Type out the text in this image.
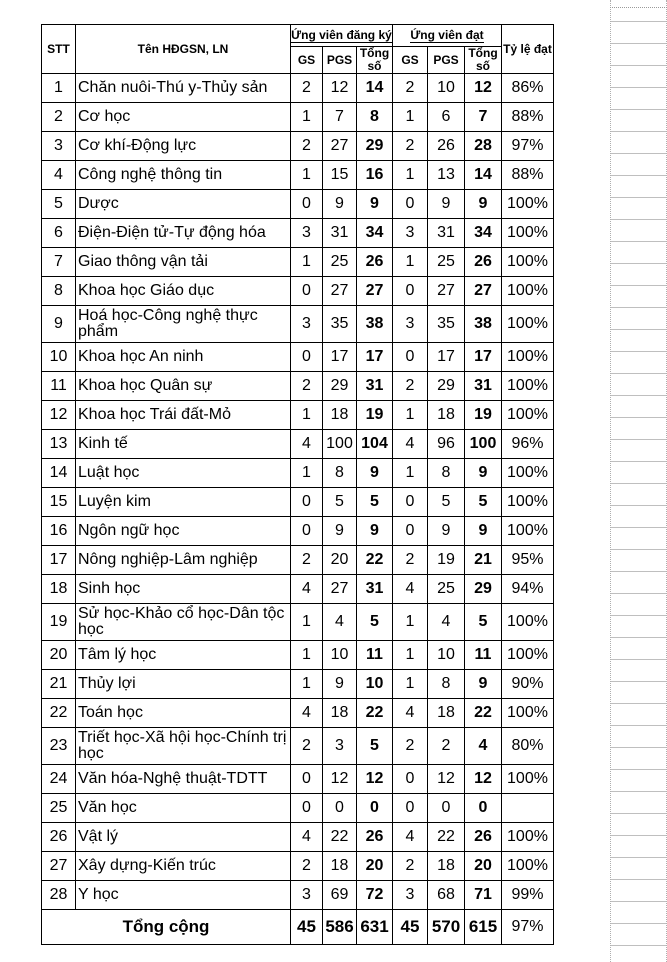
STT	Tên HĐGSN, LN	Ứng viên đăng ký			Ứng viên đạt			Tỷ lệ đạt
		GS	PGS	Tổng số	GS	PGS	Tổng số	
1	Chăn nuôi-Thú y-Thủy sản	2	12	14	2	10	12	86%
2	Cơ học	1	7	8	1	6	7	88%
3	Cơ khí-Động lực	2	27	29	2	26	28	97%
4	Công nghệ thông tin	1	15	16	1	13	14	88%
5	Dược	0	9	9	0	9	9	100%
6	Điện-Điện tử-Tự động hóa	3	31	34	3	31	34	100%
7	Giao thông vận tải	1	25	26	1	25	26	100%
8	Khoa học Giáo dục	0	27	27	0	27	27	100%
9	Hoá học-Công nghệ thực phẩm	3	35	38	3	35	38	100%
10	Khoa học An ninh	0	17	17	0	17	17	100%
11	Khoa học Quân sự	2	29	31	2	29	31	100%
12	Khoa học Trái đất-Mỏ	1	18	19	1	18	19	100%
13	Kinh tế	4	100	104	4	96	100	96%
14	Luật học	1	8	9	1	8	9	100%
15	Luyện kim	0	5	5	0	5	5	100%
16	Ngôn ngữ học	0	9	9	0	9	9	100%
17	Nông nghiệp-Lâm nghiệp	2	20	22	2	19	21	95%
18	Sinh học	4	27	31	4	25	29	94%
19	Sử học-Khảo cổ học-Dân tộc học	1	4	5	1	4	5	100%
20	Tâm lý học	1	10	11	1	10	11	100%
21	Thủy lợi	1	9	10	1	8	9	90%
22	Toán học	4	18	22	4	18	22	100%
23	Triết học-Xã hội học-Chính trị học	2	3	5	2	2	4	80%
24	Văn hóa-Nghệ thuật-TDTT	0	12	12	0	12	12	100%
25	Văn học	0	0	0	0	0	0	
26	Vật lý	4	22	26	4	22	26	100%
27	Xây dựng-Kiến trúc	2	18	20	2	18	20	100%
28	Y học	3	69	72	3	68	71	99%
Tổng cộng		45	586	631	45	570	615	97%
